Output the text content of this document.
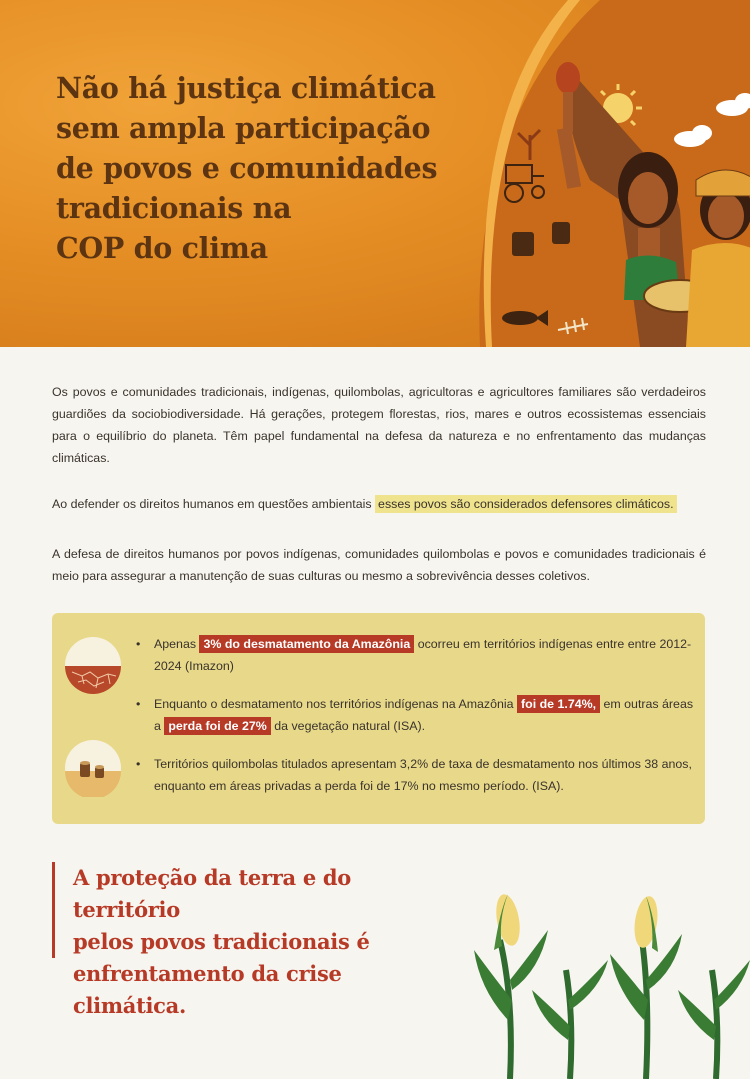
Não há justiça climática
sem ampla participação
de povos e comunidades
tradicionais na
COP do clima

Os povos e comunidades tradicionais, indígenas, quilombolas, agricultoras e agricultores familiares são verdadeiros guardiões da sociobiodiversidade. Há gerações, protegem florestas, rios, mares e outros ecossistemas essenciais para o equilíbrio do planeta. Têm papel fundamental na defesa da natureza e no enfrentamento das mudanças climáticas.

Ao defender os direitos humanos em questões ambientais esses povos são considerados defensores climáticos.

A defesa de direitos humanos por povos indígenas, comunidades quilombolas e povos e comunidades tradicionais é meio para assegurar a manutenção de suas culturas ou mesmo a sobrevivência desses coletivos.

• Apenas 3% do desmatamento da Amazônia ocorreu em territórios indígenas entre entre 2012-2024 (Imazon)
• Enquanto o desmatamento nos territórios indígenas na Amazônia foi de 1.74%, em outras áreas a perda foi de 27% da vegetação natural (ISA).
• Territórios quilombolas titulados apresentam 3,2% de taxa de desmatamento nos últimos 38 anos, enquanto em áreas privadas a perda foi de 17% no mesmo período. (ISA).

A proteção da terra e do território
pelos povos tradicionais é
enfrentamento da crise climática.
